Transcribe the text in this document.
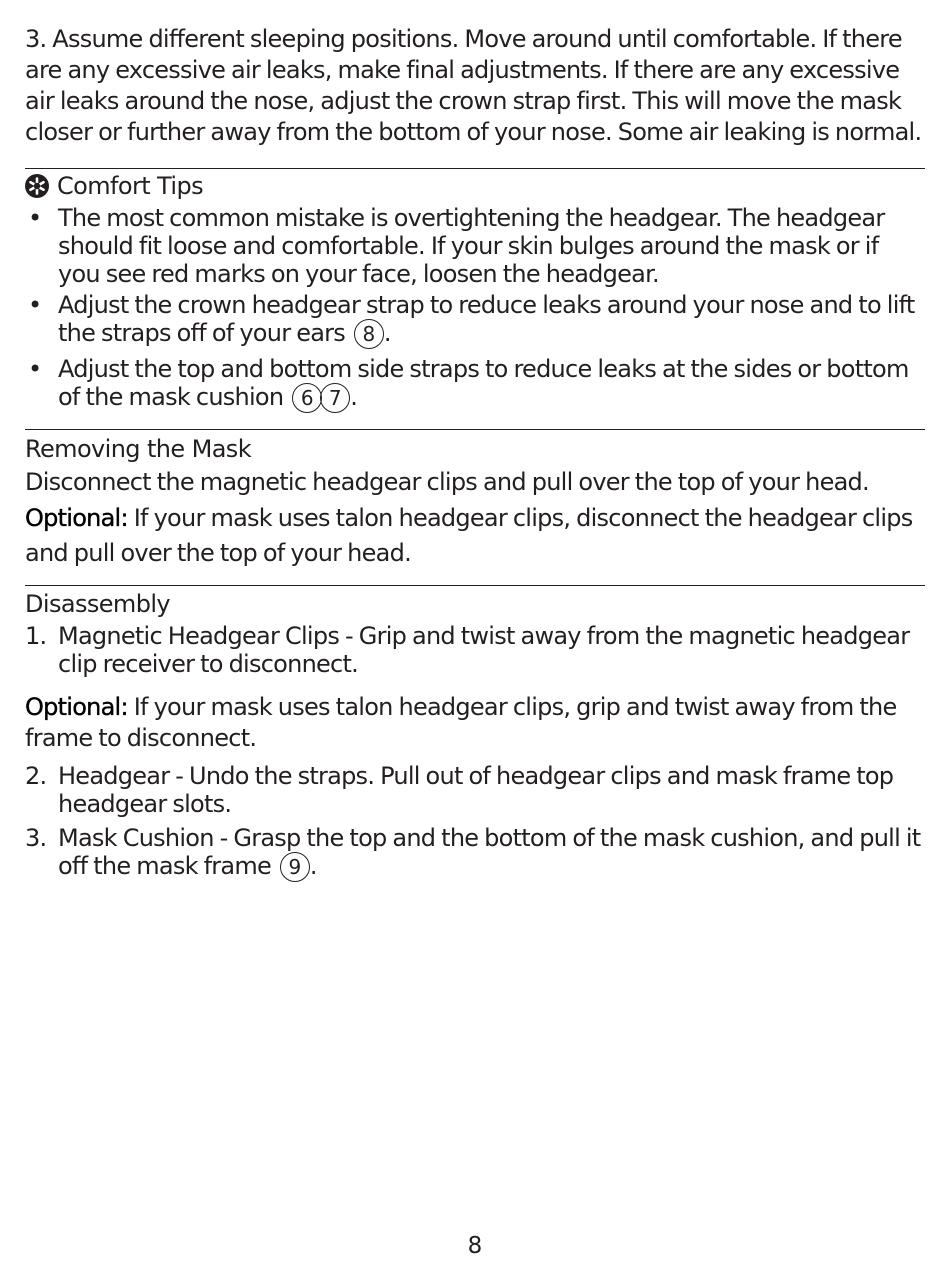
3. Assume different sleeping positions. Move around until comfortable. If there are any excessive air leaks, make final adjustments. If there are any excessive air leaks around the nose, adjust the crown strap first. This will move the mask closer or further away from the bottom of your nose. Some air leaking is normal.

Comfort Tips
• The most common mistake is overtightening the headgear. The headgear should fit loose and comfortable. If your skin bulges around the mask or if you see red marks on your face, loosen the headgear.
• Adjust the crown headgear strap to reduce leaks around your nose and to lift the straps off of your ears 8 .
• Adjust the top and bottom side straps to reduce leaks at the sides or bottom of the mask cushion 6 7 .
Removing the Mask

Disconnect the magnetic headgear clips and pull over the top of your head.

Optional: If your mask uses talon headgear clips, disconnect the headgear clips and pull over the top of your head.

Disassembly
1. Magnetic Headgear Clips - Grip and twist away from the magnetic headgear clip receiver to disconnect.

Optional: If your mask uses talon headgear clips, grip and twist away from the frame to disconnect.

2. Headgear - Undo the straps. Pull out of headgear clips and mask frame top headgear slots.
3. Mask Cushion - Grasp the top and the bottom of the mask cushion, and pull it off the mask frame 9 .
8
